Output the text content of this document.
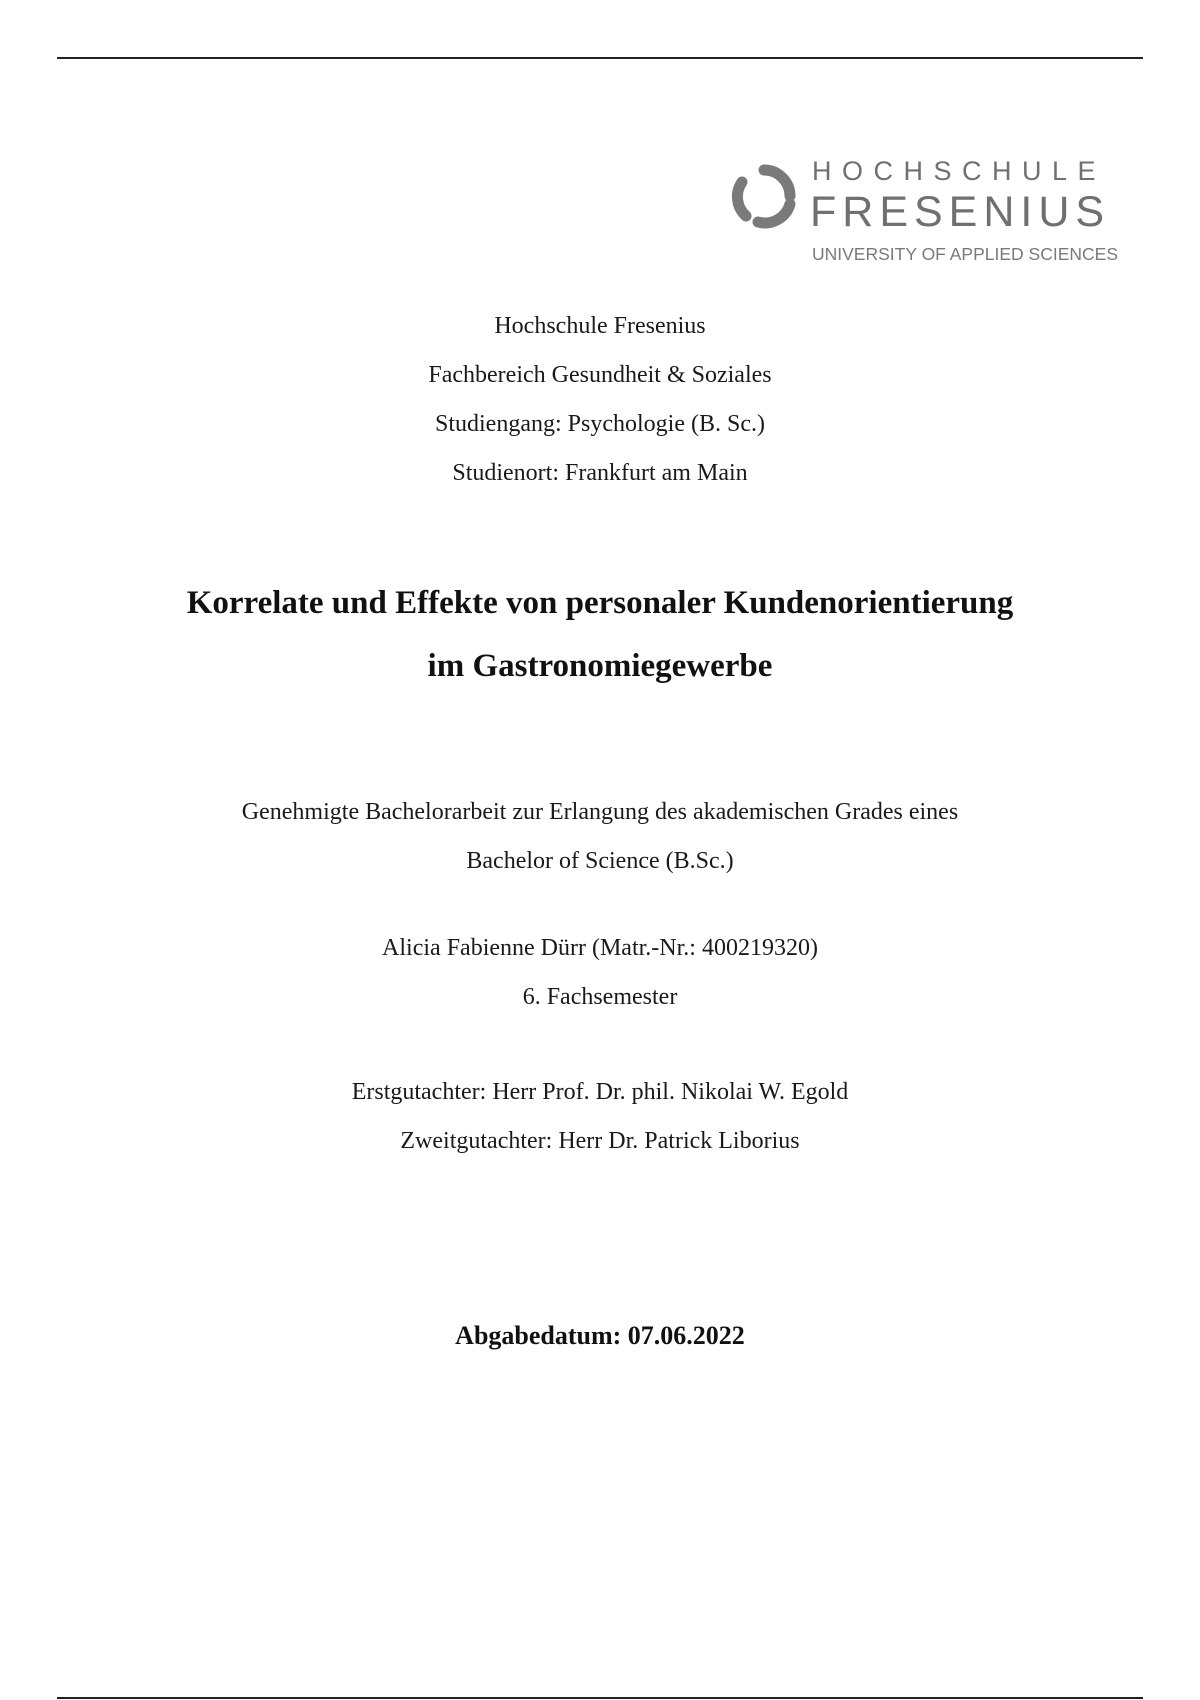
HOCHSCHULE
FRESENIUS
UNIVERSITY OF APPLIED SCIENCES
Hochschule Fresenius
Fachbereich Gesundheit & Soziales
Studiengang: Psychologie (B. Sc.)
Studienort: Frankfurt am Main
Korrelate und Effekte von personaler Kundenorientierung
im Gastronomiegewerbe
Genehmigte Bachelorarbeit zur Erlangung des akademischen Grades eines
Bachelor of Science (B.Sc.)
Alicia Fabienne Dürr (Matr.-Nr.: 400219320)
6. Fachsemester
Erstgutachter: Herr Prof. Dr. phil. Nikolai W. Egold
Zweitgutachter: Herr Dr. Patrick Liborius
Abgabedatum: 07.06.2022
